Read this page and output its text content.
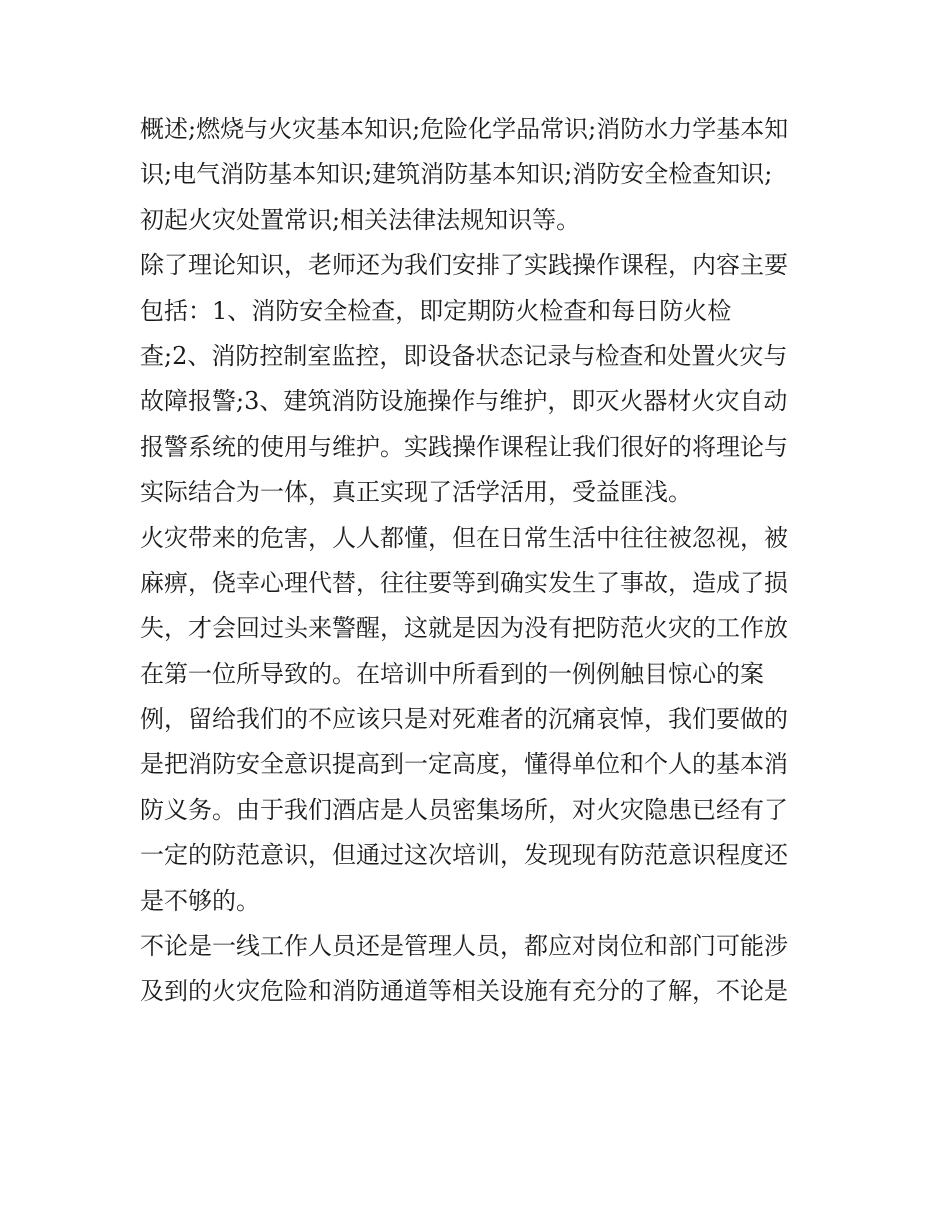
概述;燃烧与火灾基本知识;危险化学品常识;消防水力学基本知
识;电气消防基本知识;建筑消防基本知识;消防安全检查知识;
初起火灾处置常识;相关法律法规知识等。
除了理论知识，老师还为我们安排了实践操作课程，内容主要
包括：1、消防安全检查，即定期防火检查和每日防火检
查;2、消防控制室监控，即设备状态记录与检查和处置火灾与
故障报警;3、建筑消防设施操作与维护，即灭火器材火灾自动
报警系统的使用与维护。实践操作课程让我们很好的将理论与
实际结合为一体，真正实现了活学活用，受益匪浅。
火灾带来的危害，人人都懂，但在日常生活中往往被忽视，被
麻痹，侥幸心理代替，往往要等到确实发生了事故，造成了损
失，才会回过头来警醒，这就是因为没有把防范火灾的工作放
在第一位所导致的。在培训中所看到的一例例触目惊心的案
例，留给我们的不应该只是对死难者的沉痛哀悼，我们要做的
是把消防安全意识提高到一定高度，懂得单位和个人的基本消
防义务。由于我们酒店是人员密集场所，对火灾隐患已经有了
一定的防范意识，但通过这次培训，发现现有防范意识程度还
是不够的。
不论是一线工作人员还是管理人员，都应对岗位和部门可能涉
及到的火灾危险和消防通道等相关设施有充分的了解，不论是
